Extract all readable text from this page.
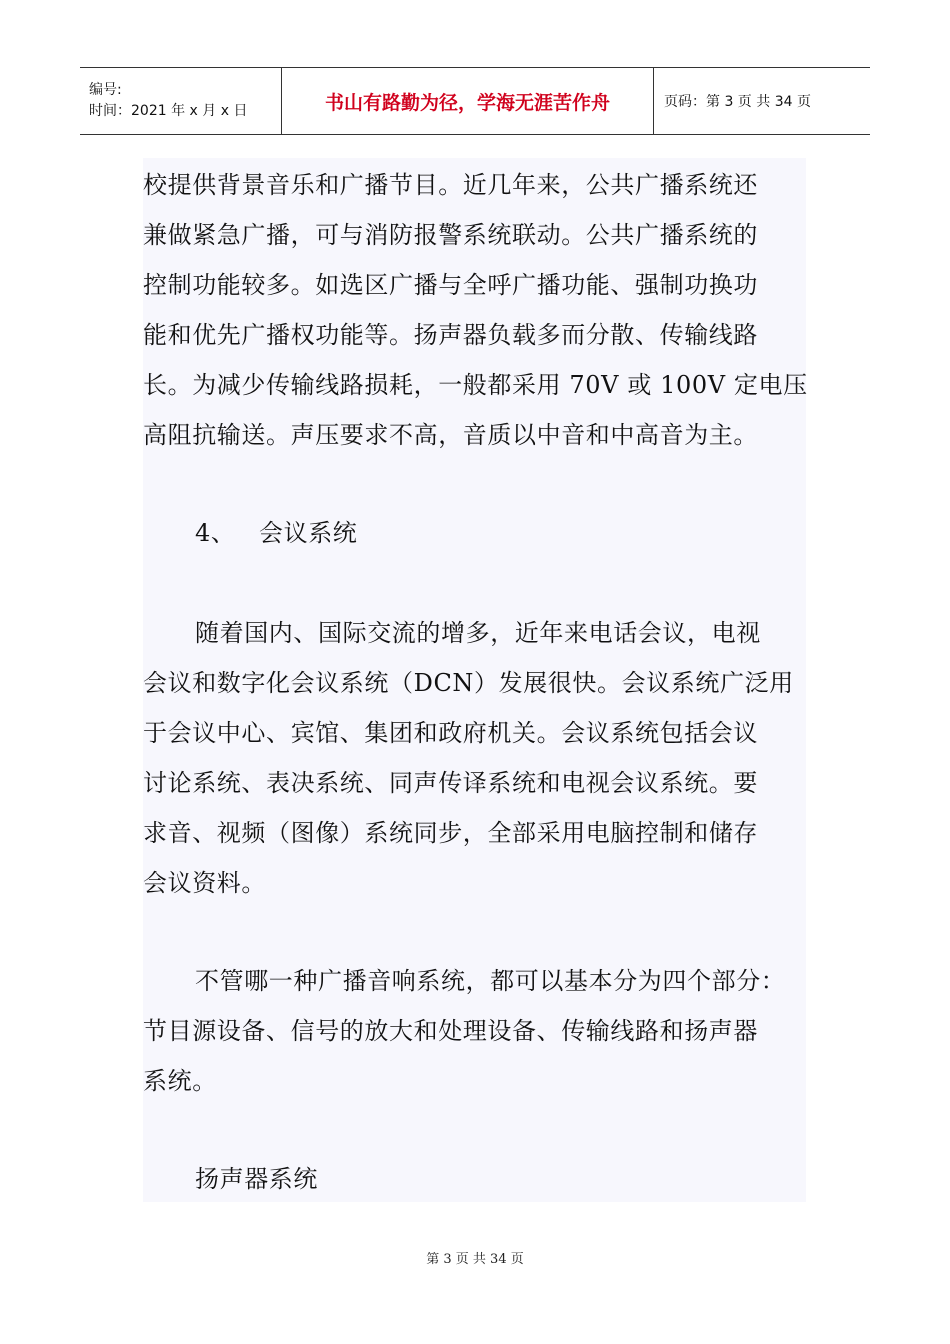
编号:
时间：2021 年 x 月 x 日	书山有路勤为径，学海无涯苦作舟	页码：第 3 页 共 34 页
校提供背景音乐和广播节目。近几年来，公共广播系统还
兼做紧急广播，可与消防报警系统联动。公共广播系统的
控制功能较多。如选区广播与全呼广播功能、强制功换功
能和优先广播权功能等。扬声器负载多而分散、传输线路
长。为减少传输线路损耗，一般都采用 70V 或 100V 定电压
高阻抗输送。声压要求不高，音质以中音和中高音为主。
4、 会议系统
随着国内、国际交流的增多，近年来电话会议，电视
会议和数字化会议系统（DCN）发展很快。会议系统广泛用
于会议中心、宾馆、集团和政府机关。会议系统包括会议
讨论系统、表决系统、同声传译系统和电视会议系统。要
求音、视频（图像）系统同步，全部采用电脑控制和储存
会议资料。
不管哪一种广播音响系统，都可以基本分为四个部分：
节目源设备、信号的放大和处理设备、传输线路和扬声器
系统。
扬声器系统
第 3 页 共 34 页
